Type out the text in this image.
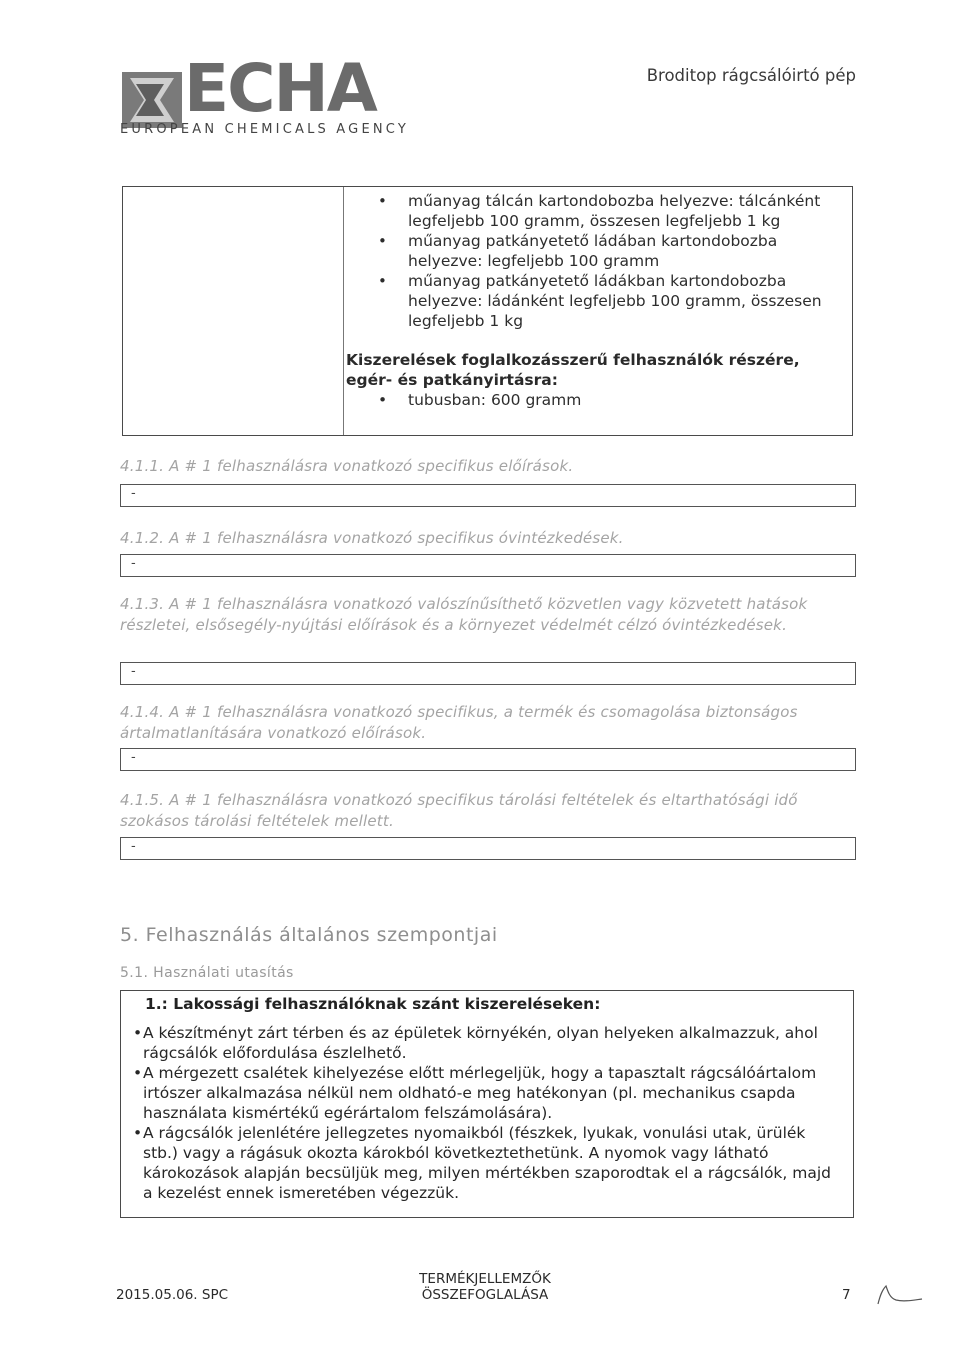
ECHA
EUROPEAN CHEMICALS AGENCY
Broditop rágcsálóirtó pép
• műanyag tálcán kartondobozba helyezve: tálcánként legfeljebb 100 gramm, összesen legfeljebb 1 kg
• műanyag patkányetető ládában kartondobozba helyezve: legfeljebb 100 gramm
• műanyag patkányetető ládákban kartondobozba helyezve: ládánként legfeljebb 100 gramm, összesen legfeljebb 1 kg
Kiszerelések foglalkozásszerű felhasználók részére, egér- és patkányirtásra:
• tubusban: 600 gramm
4.1.1. A # 1 felhasználásra vonatkozó specifikus előírások.
-
4.1.2. A # 1 felhasználásra vonatkozó specifikus óvintézkedések.
-
4.1.3. A # 1 felhasználásra vonatkozó valószínűsíthető közvetlen vagy közvetett hatások részletei, elsősegély-nyújtási előírások és a környezet védelmét célzó óvintézkedések.
-
4.1.4. A # 1 felhasználásra vonatkozó specifikus, a termék és csomagolása biztonságos ártalmatlanítására vonatkozó előírások.
-
4.1.5. A # 1 felhasználásra vonatkozó specifikus tárolási feltételek és eltarthatósági idő szokásos tárolási feltételek mellett.
-
5. Felhasználás általános szempontjai
5.1. Használati utasítás
1.: Lakossági felhasználóknak szánt kiszereléseken:
• A készítményt zárt térben és az épületek környékén, olyan helyeken alkalmazzuk, ahol rágcsálók előfordulása észlelhető.
• A mérgezett csalétek kihelyezése előtt mérlegeljük, hogy a tapasztalt rágcsálóártalom irtószer alkalmazása nélkül nem oldható-e meg hatékonyan (pl. mechanikus csapda használata kismértékű egérártalom felszámolására).
• A rágcsálók jelenlétére jellegzetes nyomaikból (fészkek, lyukak, vonulási utak, ürülék stb.) vagy a rágásuk okozta károkból következtethetünk. A nyomok vagy látható károkozások alapján becsüljük meg, milyen mértékben szaporodtak el a rágcsálók, majd a kezelést ennek ismeretében végezzük.
2015.05.06. SPC
TERMÉKJELLEMZŐK
ÖSSZEFOGLALÁSA	7
